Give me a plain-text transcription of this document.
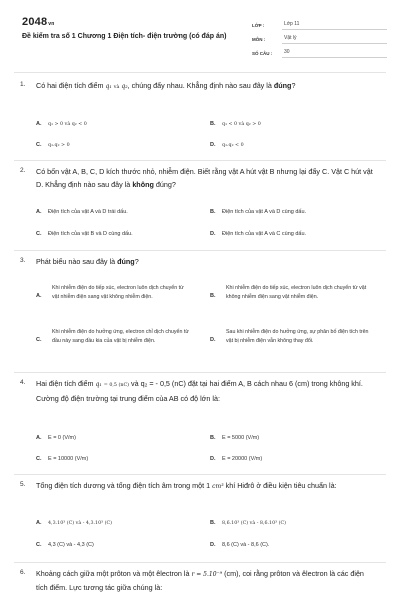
2048vn
Đề kiểm tra số 1 Chương 1 Điện tích- điện trường (có đáp án)
LỚP :	Lớp 11
MÔN :	Vật lý
SỐ CÂU :	30
1. Có hai điện tích điểm q₁ và q₂, chúng đẩy nhau. Khẳng định nào sau đây là đúng?
A. q₁ > 0 và q₂ < 0	B. q₁ < 0 và q₂ > 0
C. q₁.q₂ > 0	D. q₁.q₂ < 0
2. Có bốn vật A, B, C, D kích thước nhỏ, nhiễm điện. Biết rằng vật A hút vật B nhưng lại đẩy C. Vật C hút vật D. Khẳng định nào sau đây là không đúng?
A. Điện tích của vật A và D trái dấu.	B. Điện tích của vật A và D cùng dấu.
C. Điện tích của vật B và D cùng dấu.	D. Điện tích của vật A và C cùng dấu.
3. Phát biểu nào sau đây là đúng?
A.
Khi nhiễm điện do tiếp xúc, electron luôn dịch chuyển từ vật nhiễm điện sang vật không nhiễm điện.	B.
Khi nhiễm điện do tiếp xúc, electron luôn dịch chuyển từ vật không nhiễm điện sang vật nhiễm điện.
C.
Khi nhiễm điện do hưởng ứng, electron chỉ dịch chuyển từ đầu này sang đầu kia của vật bị nhiễm điện.	D.
Sau khi nhiễm điện do hưởng ứng, sự phân bố điện tích trên vật bị nhiễm điện vẫn không thay đổi.
4. Hai điện tích điểm q₁ = 0,5 (nC) và q₂ = - 0,5 (nC) đặt tại hai điểm A, B cách nhau 6 (cm) trong không khí. Cường độ điện trường tại trung điểm của AB có độ lớn là:
A. E = 0 (V/m)	B. E = 5000 (V/m)
C. E = 10000 (V/m)	D. E = 20000 (V/m)
5. Tổng điện tích dương và tổng điện tích âm trong một 1 cm³ khí Hiđrô ở điều kiện tiêu chuẩn là:
A. 4,3.10³ (C) và - 4,3.10³ (C)	B. 8,6.10³ (C) và - 8,6.10³ (C)
C. 4,3 (C) và - 4,3 (C)	D. 8,6 (C) và - 8,6 (C).
6. Khoảng cách giữa một prôton và một êlectron là r = 5.10⁻⁹ (cm), coi rằng prôton và êlectron là các điện tích điểm. Lực tương tác giữa chúng là:
